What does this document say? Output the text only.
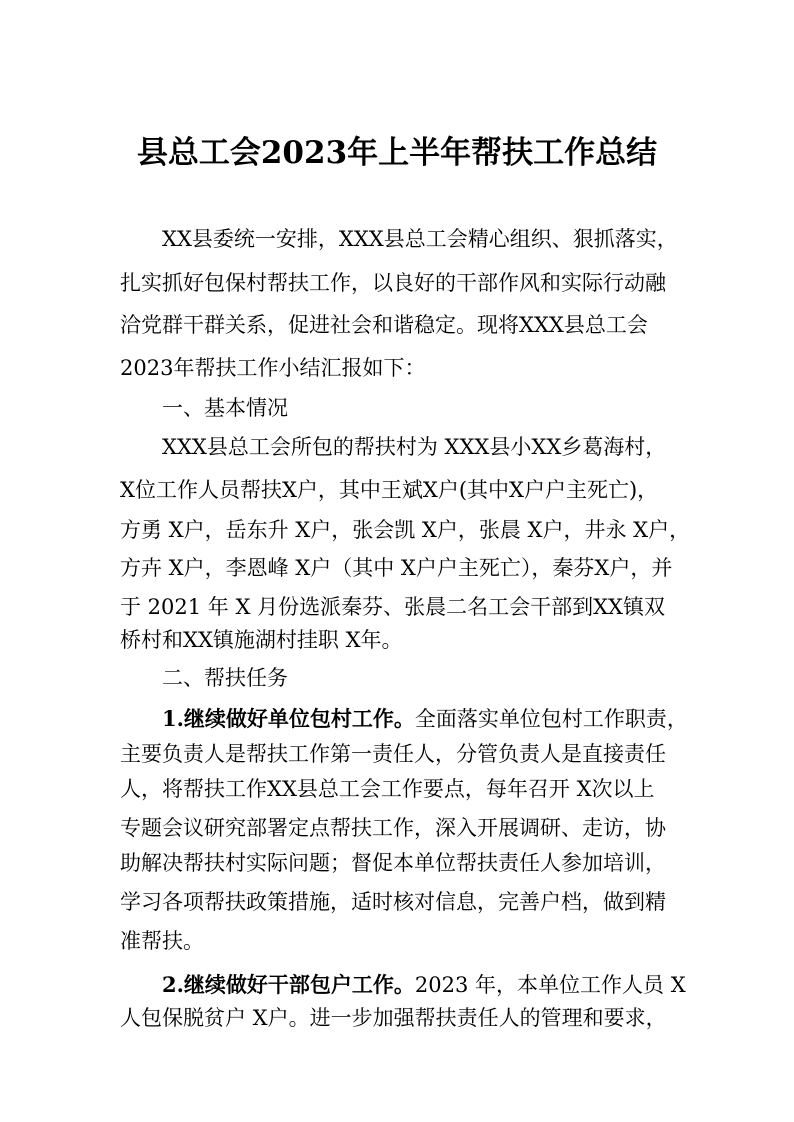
县总工会2023年上半年帮扶工作总结
XX县委统一安排，XXX县总工会精心组织、狠抓落实，
扎实抓好包保村帮扶工作，以良好的干部作风和实际行动融
洽党群干群关系，促进社会和谐稳定。现将XXX县总工会
2023年帮扶工作小结汇报如下：
一、基本情况
XXX县总工会所包的帮扶村为 XXX县小XX乡葛海村，
X位工作人员帮扶X户，其中王斌X户(其中X户户主死亡)，
方勇 X户，岳东升 X户，张会凯 X户，张晨 X户，井永 X户，
方卉 X户，李恩峰 X户（其中 X户户主死亡），秦芬X户，并
于 2021 年 X 月份选派秦芬、张晨二名工会干部到XX镇双
桥村和XX镇施湖村挂职 X年。
二、帮扶任务
1.继续做好单位包村工作。全面落实单位包村工作职责，
主要负责人是帮扶工作第一责任人，分管负责人是直接责任
人，将帮扶工作XX县总工会工作要点，每年召开 X次以上
专题会议研究部署定点帮扶工作，深入开展调研、走访，协
助解决帮扶村实际问题；督促本单位帮扶责任人参加培训，
学习各项帮扶政策措施，适时核对信息，完善户档，做到精
准帮扶。
2.继续做好干部包户工作。2023 年，本单位工作人员 X
人包保脱贫户 X户。进一步加强帮扶责任人的管理和要求，
